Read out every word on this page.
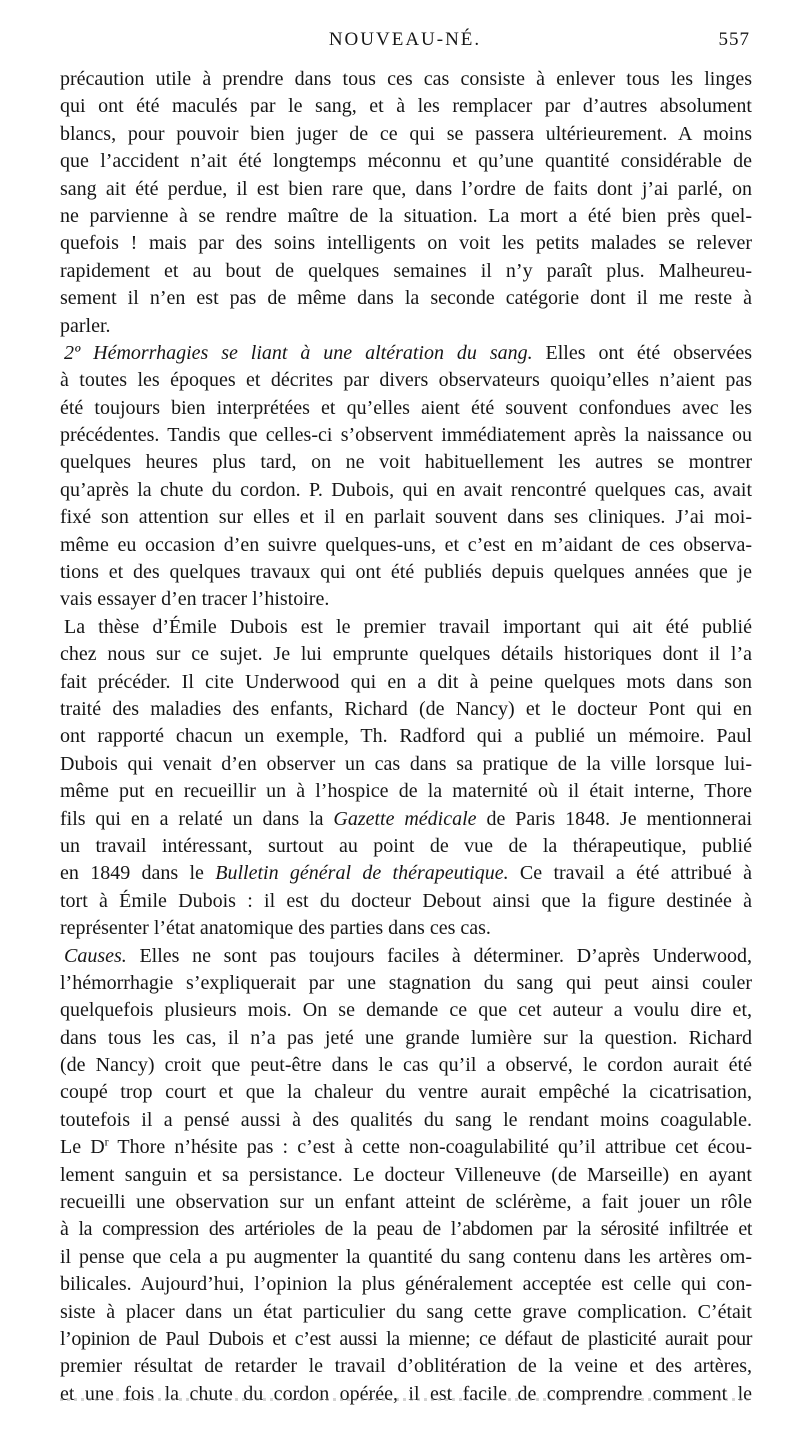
NOUVEAU-NÉ.	557
précaution utile à prendre dans tous ces cas consiste à enlever tous les linges
qui ont été maculés par le sang, et à les remplacer par d’autres absolument
blancs, pour pouvoir bien juger de ce qui se passera ultérieurement. A moins
que l’accident n’ait été longtemps méconnu et qu’une quantité considérable de
sang ait été perdue, il est bien rare que, dans l’ordre de faits dont j’ai parlé, on
ne parvienne à se rendre maître de la situation. La mort a été bien près quel-
quefois ! mais par des soins intelligents on voit les petits malades se relever
rapidement et au bout de quelques semaines il n’y paraît plus. Malheureu-
sement il n’en est pas de même dans la seconde catégorie dont il me reste à
parler.
2º Hémorrhagies se liant à une altération du sang. Elles ont été observées
à toutes les époques et décrites par divers observateurs quoiqu’elles n’aient pas
été toujours bien interprétées et qu’elles aient été souvent confondues avec les
précédentes. Tandis que celles-ci s’observent immédiatement après la naissance ou
quelques heures plus tard, on ne voit habituellement les autres se montrer
qu’après la chute du cordon. P. Dubois, qui en avait rencontré quelques cas, avait
fixé son attention sur elles et il en parlait souvent dans ses cliniques. J’ai moi-
même eu occasion d’en suivre quelques-uns, et c’est en m’aidant de ces observa-
tions et des quelques travaux qui ont été publiés depuis quelques années que je
vais essayer d’en tracer l’histoire.
La thèse d’Émile Dubois est le premier travail important qui ait été publié
chez nous sur ce sujet. Je lui emprunte quelques détails historiques dont il l’a
fait précéder. Il cite Underwood qui en a dit à peine quelques mots dans son
traité des maladies des enfants, Richard (de Nancy) et le docteur Pont qui en
ont rapporté chacun un exemple, Th. Radford qui a publié un mémoire. Paul
Dubois qui venait d’en observer un cas dans sa pratique de la ville lorsque lui-
même put en recueillir un à l’hospice de la maternité où il était interne, Thore
fils qui en a relaté un dans la Gazette médicale de Paris 1848. Je mentionnerai
un travail intéressant, surtout au point de vue de la thérapeutique, publié
en 1849 dans le Bulletin général de thérapeutique. Ce travail a été attribué à
tort à Émile Dubois : il est du docteur Debout ainsi que la figure destinée à
représenter l’état anatomique des parties dans ces cas.
Causes. Elles ne sont pas toujours faciles à déterminer. D’après Underwood,
l’hémorrhagie s’expliquerait par une stagnation du sang qui peut ainsi couler
quelquefois plusieurs mois. On se demande ce que cet auteur a voulu dire et,
dans tous les cas, il n’a pas jeté une grande lumière sur la question. Richard
(de Nancy) croit que peut-être dans le cas qu’il a observé, le cordon aurait été
coupé trop court et que la chaleur du ventre aurait empêché la cicatrisation,
toutefois il a pensé aussi à des qualités du sang le rendant moins coagulable.
Le $D^r$ Thore n’hésite pas : c’est à cette non-coagulabilité qu’il attribue cet écou-
lement sanguin et sa persistance. Le docteur Villeneuve (de Marseille) en ayant
recueilli une observation sur un enfant atteint de sclérème, a fait jouer un rôle
à la compression des artérioles de la peau de l’abdomen par la sérosité infiltrée et
il pense que cela a pu augmenter la quantité du sang contenu dans les artères om-
bilicales. Aujourd’hui, l’opinion la plus généralement acceptée est celle qui con-
siste à placer dans un état particulier du sang cette grave complication. C’était
l’opinion de Paul Dubois et c’est aussi la mienne; ce défaut de plasticité aurait pour
premier résultat de retarder le travail d’oblitération de la veine et des artères,
et une fois la chute du cordon opérée, il est facile de comprendre comment le
